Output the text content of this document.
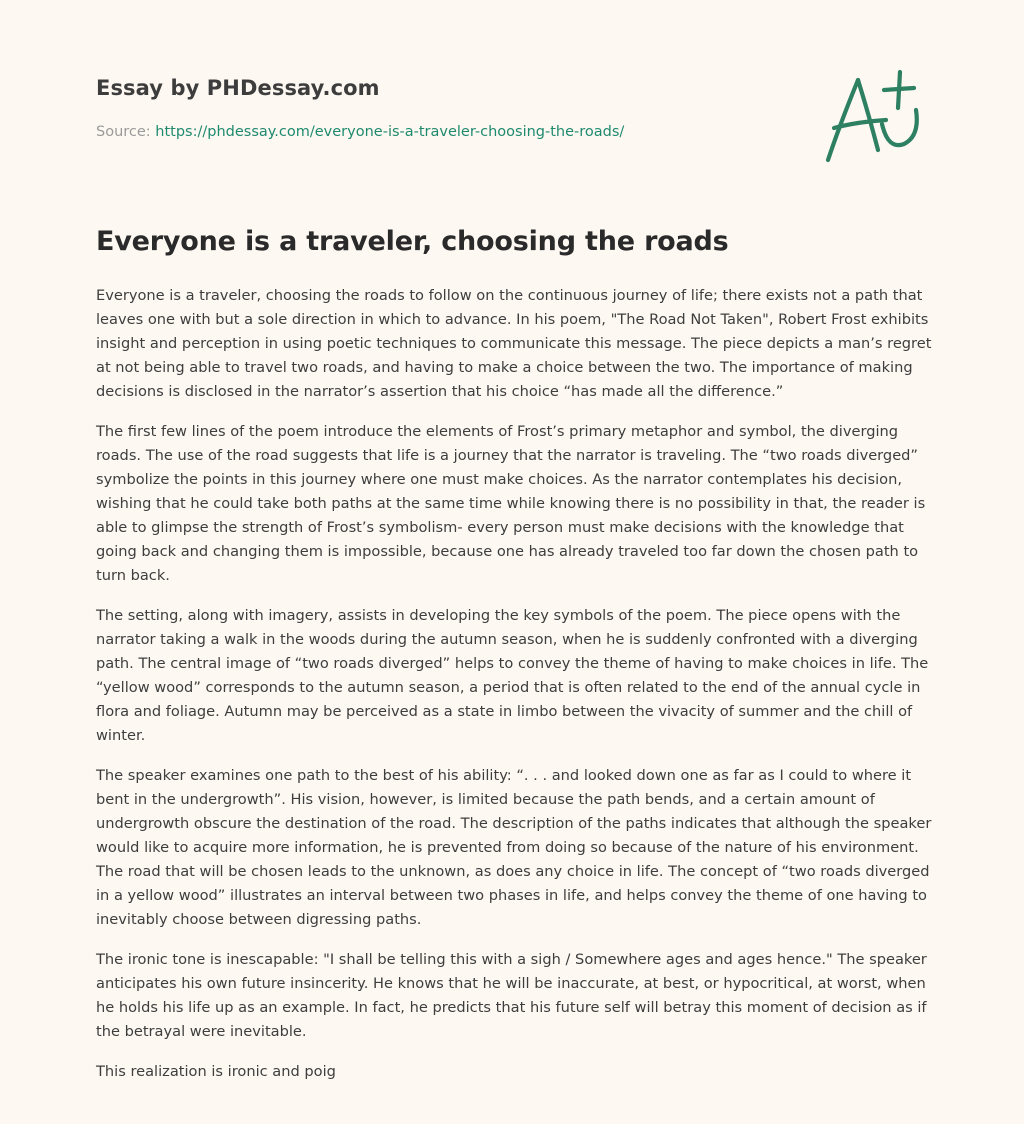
Essay by PHDessay.com
Source: https://phdessay.com/everyone-is-a-traveler-choosing-the-roads/
Everyone is a traveler, choosing the roads

Everyone is a traveler, choosing the roads to follow on the continuous journey of life; there exists not a path that leaves one with but a sole direction in which to advance. In his poem, "The Road Not Taken", Robert Frost exhibits insight and perception in using poetic techniques to communicate this message. The piece depicts a man’s regret at not being able to travel two roads, and having to make a choice between the two. The importance of making decisions is disclosed in the narrator’s assertion that his choice “has made all the difference.”

The first few lines of the poem introduce the elements of Frost’s primary metaphor and symbol, the diverging roads. The use of the road suggests that life is a journey that the narrator is traveling. The “two roads diverged” symbolize the points in this journey where one must make choices. As the narrator contemplates his decision, wishing that he could take both paths at the same time while knowing there is no possibility in that, the reader is able to glimpse the strength of Frost’s symbolism- every person must make decisions with the knowledge that going back and changing them is impossible, because one has already traveled too far down the chosen path to turn back.

The setting, along with imagery, assists in developing the key symbols of the poem. The piece opens with the narrator taking a walk in the woods during the autumn season, when he is suddenly confronted with a diverging path. The central image of “two roads diverged” helps to convey the theme of having to make choices in life. The “yellow wood” corresponds to the autumn season, a period that is often related to the end of the annual cycle in flora and foliage. Autumn may be perceived as a state in limbo between the vivacity of summer and the chill of winter.

The speaker examines one path to the best of his ability: “. . . and looked down one as far as I could to where it bent in the undergrowth”. His vision, however, is limited because the path bends, and a certain amount of undergrowth obscure the destination of the road. The description of the paths indicates that although the speaker would like to acquire more information, he is prevented from doing so because of the nature of his environment. The road that will be chosen leads to the unknown, as does any choice in life. The concept of “two roads diverged in a yellow wood” illustrates an interval between two phases in life, and helps convey the theme of one having to inevitably choose between digressing paths.

The ironic tone is inescapable: "I shall be telling this with a sigh / Somewhere ages and ages hence." The speaker anticipates his own future insincerity. He knows that he will be inaccurate, at best, or hypocritical, at worst, when he holds his life up as an example. In fact, he predicts that his future self will betray this moment of decision as if the betrayal were inevitable.

This realization is ironic and poig
